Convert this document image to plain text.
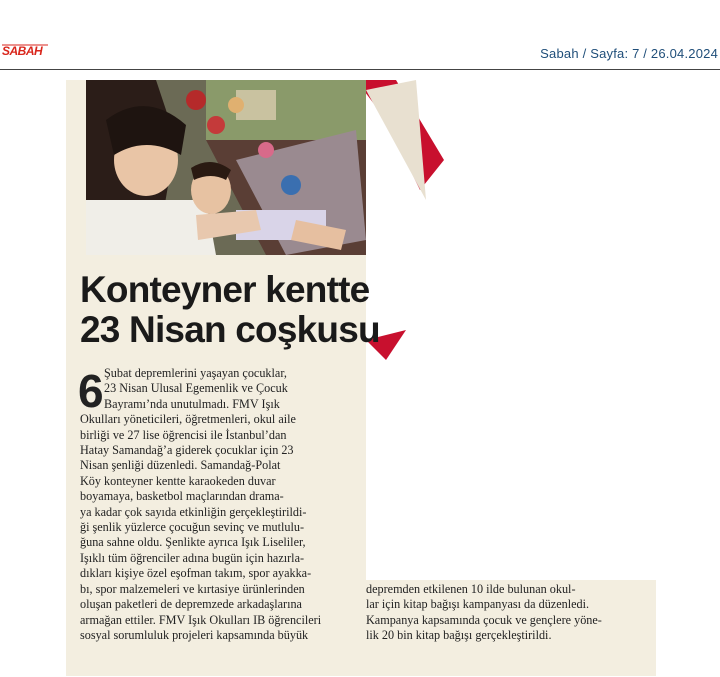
SABAH	Sabah / Sayfa: 7 / 26.04.2024
Konteyner kentte
23 Nisan coşkusu
6 Şubat depremlerini yaşayan çocuklar,
23 Nisan Ulusal Egemenlik ve Çocuk
Bayramı’nda unutulmadı. FMV Işık
Okulları yöneticileri, öğretmenleri, okul aile
birliği ve 27 lise öğrencisi ile İstanbul’dan
Hatay Samandağ’a giderek çocuklar için 23
Nisan şenliği düzenledi. Samandağ-Polat
Köy konteyner kentte karaokeden duvar
boyamaya, basketbol maçlarından drama-
ya kadar çok sayıda etkinliğin gerçekleştirildi-
ği şenlik yüzlerce çocuğun sevinç ve mutlulu-
ğuna sahne oldu. Şenlikte ayrıca Işık Liseliler,
Işıklı tüm öğrenciler adına bugün için hazırla-
dıkları kişiye özel eşofman takım, spor ayakka-
bı, spor malzemeleri ve kırtasiye ürünlerinden
oluşan paketleri de depremzede arkadaşlarına
armağan ettiler. FMV Işık Okulları IB öğrencileri
sosyal sorumluluk projeleri kapsamında büyük
depremden etkilenen 10 ilde bulunan okul-
lar için kitap bağışı kampanyası da düzenledi.
Kampanya kapsamında çocuk ve gençlere yöne-
lik 20 bin kitap bağışı gerçekleştirildi.
